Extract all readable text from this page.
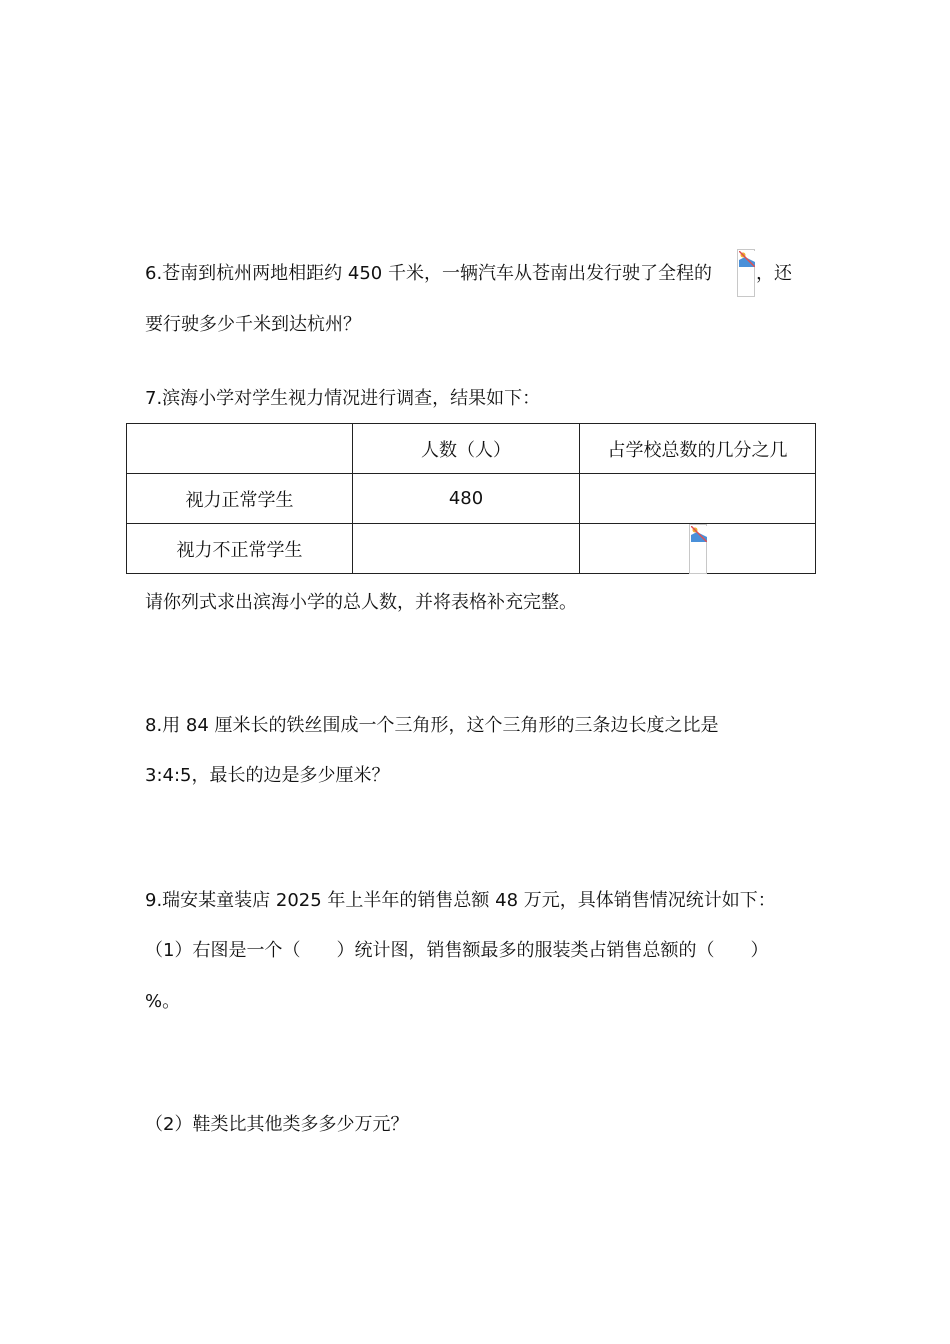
6.苍南到杭州两地相距约 450 千米，一辆汽车从苍南出发行驶了全程的 ，还
要行驶多少千米到达杭州？
7.滨海小学对学生视力情况进行调查，结果如下：
	人数（人）	占学校总数的几分之几
视力正常学生	480	
视力不正常学生		
请你列式求出滨海小学的总人数，并将表格补充完整。
8.用 84 厘米长的铁丝围成一个三角形，这个三角形的三条边长度之比是
3:4:5，最长的边是多少厘米？
9.瑞安某童装店 2025 年上半年的销售总额 48 万元，具体销售情况统计如下：
（1）右图是一个（　　）统计图，销售额最多的服装类占销售总额的（　　）
%。
（2）鞋类比其他类多多少万元？
